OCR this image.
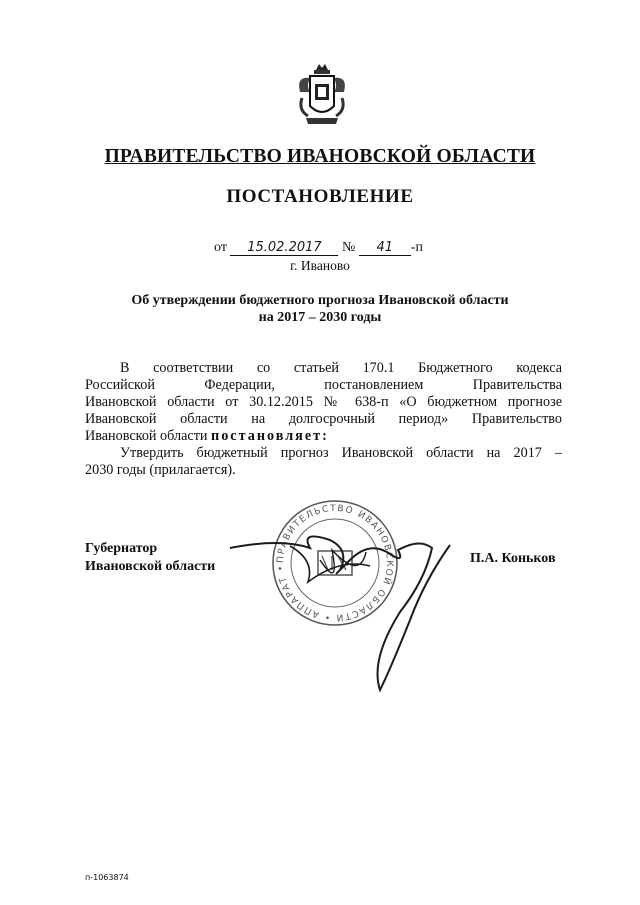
ПРАВИТЕЛЬСТВО ИВАНОВСКОЙ ОБЛАСТИ
ПОСТАНОВЛЕНИЕ
от 15.02.2017 № 41 -п
г. Иваново
Об утверждении бюджетного прогноза Ивановской области
на 2017 – 2030 годы
В соответствии со статьей 170.1 Бюджетного кодекса
Российской Федерации, постановлением Правительства
Ивановской области от 30.12.2015 № 638-п «О бюджетном прогнозе
Ивановской области на долгосрочный период» Правительство
Ивановской области постановляет:
Утвердить бюджетный прогноз Ивановской области на 2017 –
2030 годы (прилагается).
Губернатор
Ивановской области
П.А. Коньков
ПРАВИТЕЛЬСТВО ИВАНОВСКОЙ ОБЛАСТИ • АППАРАТ •
п-1063874
